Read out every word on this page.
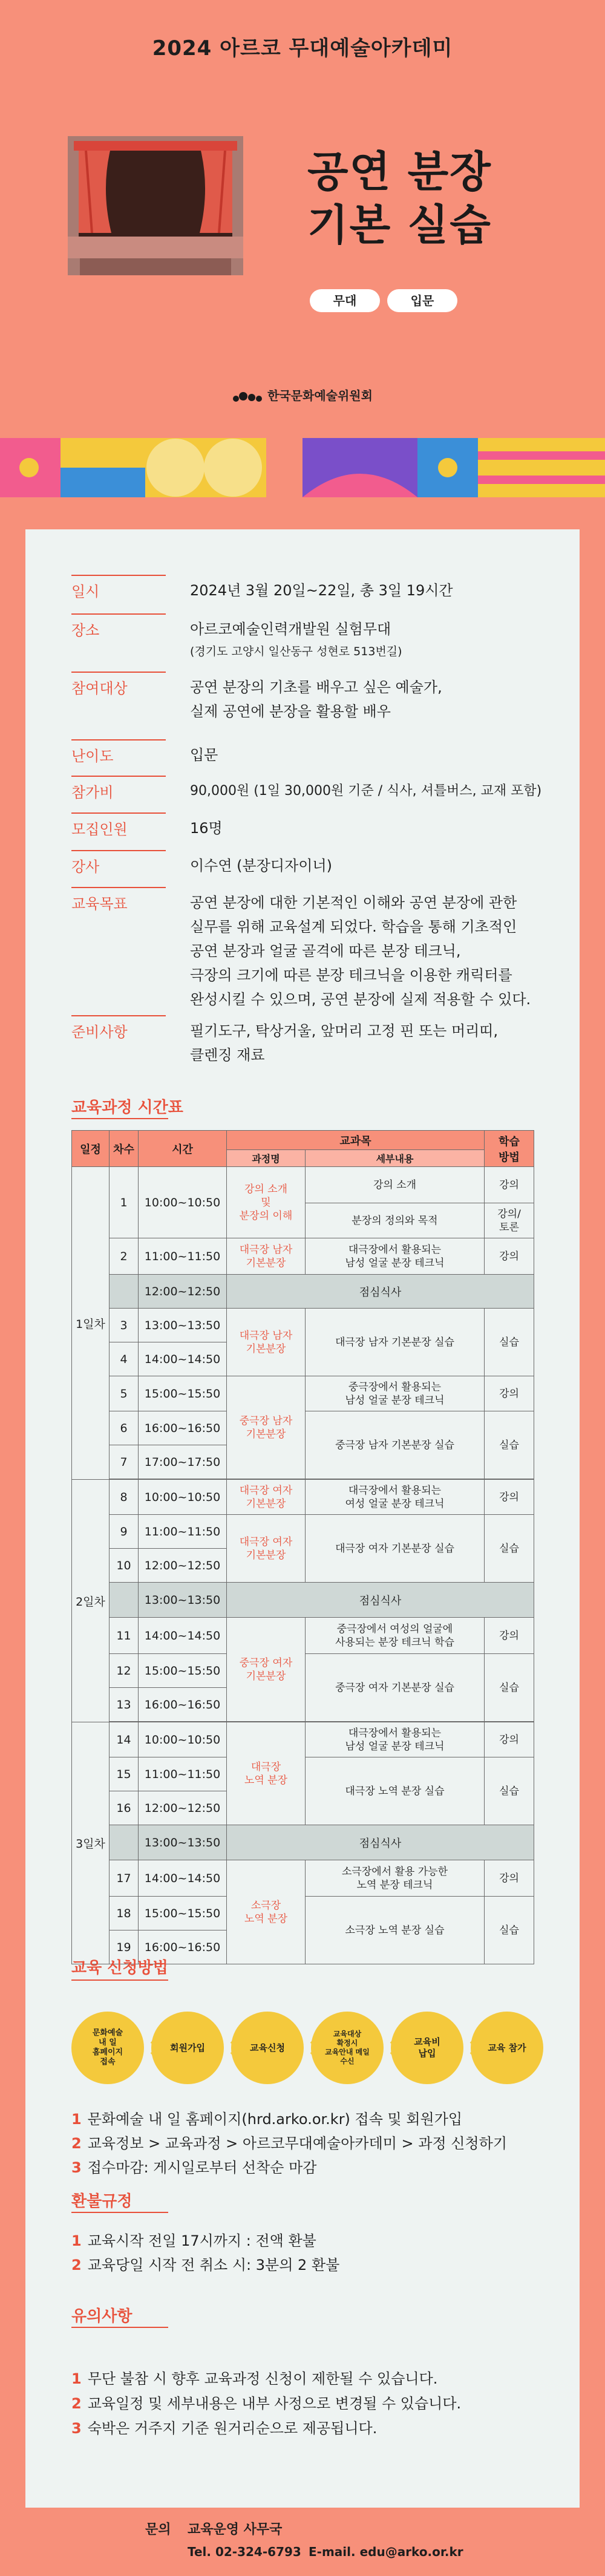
2024 아르코 무대예술아카데미
공연 분장
기본 실습
무대	입문
한국문화예술위원회
일시	2024년 3월 20일~22일, 총 3일 19시간
장소	아르코예술인력개발원 실험무대
(경기도 고양시 일산동구 성현로 513번길)
참여대상	공연 분장의 기초를 배우고 싶은 예술가,
실제 공연에 분장을 활용할 배우
난이도	입문
참가비	90,000원 (1일 30,000원 기준 / 식사, 셔틀버스, 교재 포함)
모집인원	16명
강사	이수연 (분장디자이너)
교육목표	공연 분장에 대한 기본적인 이해와 공연 분장에 관한
실무를 위해 교육설계 되었다. 학습을 통해 기초적인
공연 분장과 얼굴 골격에 따른 분장 테크닉,
극장의 크기에 따른 분장 테크닉을 이용한 캐릭터를
완성시킬 수 있으며, 공연 분장에 실제 적용할 수 있다.
준비사항	필기도구, 탁상거울, 앞머리 고정 핀 또는 머리띠,
클렌징 재료
교육과정 시간표
일정	차수	시간	교과목		학습
방법
			과정명	세부내용	
1일차	1	10:00~10:50	강의 소개
및
분장의 이해	강의 소개	강의
				분장의 정의와 목적	강의/
토론
	2	11:00~11:50	대극장 남자
기본분장	대극장에서 활용되는
남성 얼굴 분장 테크닉	강의
		12:00~12:50	점심식사		
	3	13:00~13:50	대극장 남자
기본분장	대극장 남자 기본분장 실습	실습
	4	14:00~14:50			
	5	15:00~15:50	중극장 남자
기본분장	중극장에서 활용되는
남성 얼굴 분장 테크닉	강의
	6	16:00~16:50		중극장 남자 기본분장 실습	실습
	7	17:00~17:50			

2일차	8	10:00~10:50	대극장 여자
기본분장	대극장에서 활용되는
여성 얼굴 분장 테크닉	강의
	9	11:00~11:50	대극장 여자
기본분장	대극장 여자 기본분장 실습	실습
	10	12:00~12:50			
		13:00~13:50	점심식사		
	11	14:00~14:50	중극장 여자
기본분장	중극장에서 여성의 얼굴에
사용되는 분장 테크닉 학습	강의
	12	15:00~15:50		중극장 여자 기본분장 실습	실습
	13	16:00~16:50			

3일차	14	10:00~10:50	대극장
노역 분장	대극장에서 활용되는
남성 얼굴 분장 테크닉	강의
	15	11:00~11:50		대극장 노역 분장 실습	실습
	16	12:00~12:50			
		13:00~13:50	점심식사		
	17	14:00~14:50	소극장
노역 분장	소극장에서 활용 가능한
노역 분장 테크닉	강의
	18	15:00~15:50		소극장 노역 분장 실습	실습
	19	16:00~16:50			
교육 신청방법
문화예술
내 일
홈페이지
접속
회원가입	교육신청
교육대상
확정시
교육안내 메일
수신
교육비
납입
교육 참가
1 문화예술 내 일 홈페이지(hrd.arko.or.kr) 접속 및 회원가입
2 교육정보 > 교육과정 > 아르코무대예술아카데미 > 과정 신청하기
3 접수마감: 게시일로부터 선착순 마감
환불규정
1 교육시작 전일 17시까지 : 전액 환불
2 교육당일 시작 전 취소 시: 3분의 2 환불
유의사항
1 무단 불참 시 향후 교육과정 신청이 제한될 수 있습니다.
2 교육일정 및 세부내용은 내부 사정으로 변경될 수 있습니다.
3 숙박은 거주지 기준 원거리순으로 제공됩니다.
문의 교육운영 사무국
Tel. 02-324-6793 E-mail. edu@arko.or.kr
